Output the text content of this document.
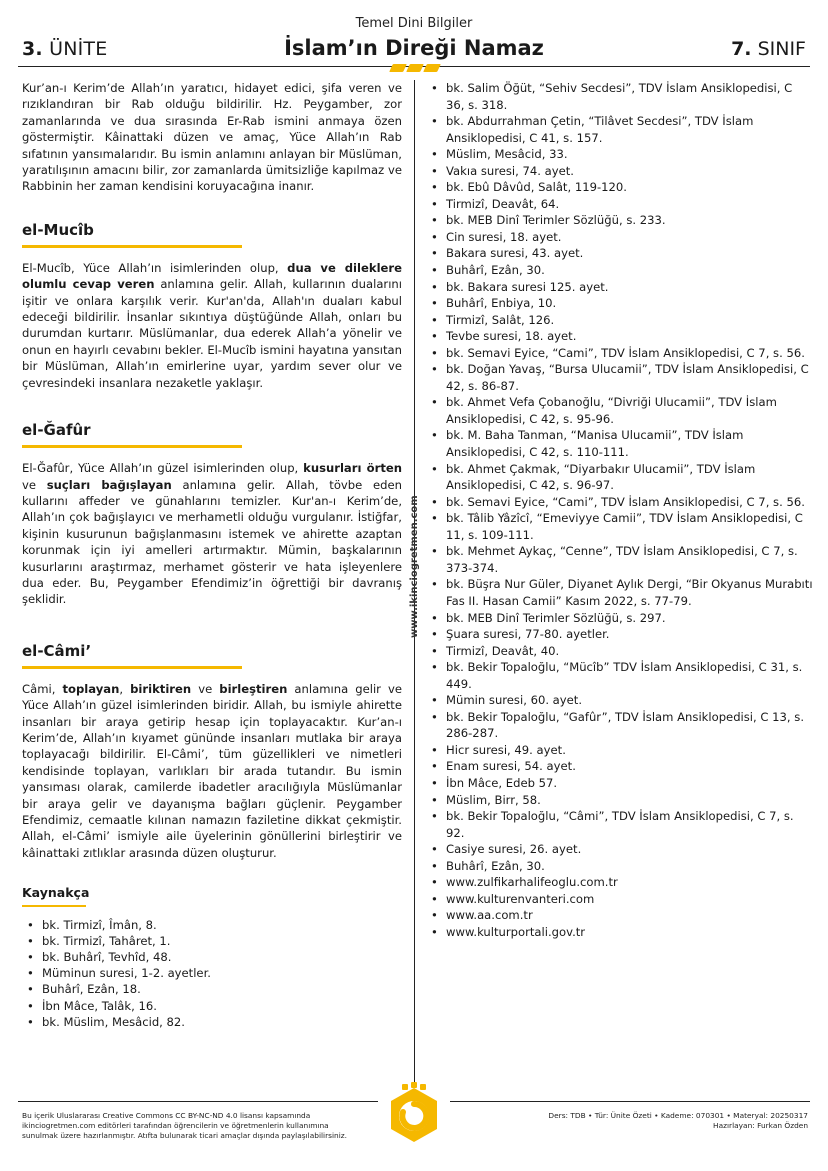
Temel Dini Bilgiler
3. ÜNİTE	İslam’ın Direği Namaz	7. SINIF

Kur’an-ı Kerim’de Allah’ın yaratıcı, hidayet edici, şifa veren ve rızıklandıran bir Rab olduğu bildirilir. Hz. Peygamber, zor zamanlarında ve dua sırasında Er-Rab ismini anmaya özen göstermiştir. Kâinattaki düzen ve amaç, Yüce Allah’ın Rab sıfatının yansımalarıdır. Bu ismin anlamını anlayan bir Müslüman, yaratılışının amacını bilir, zor zamanlarda ümitsizliğe kapılmaz ve Rabbinin her zaman kendisini koruyacağına inanır.

el-Mucîb

El-Mucîb, Yüce Allah’ın isimlerinden olup, dua ve dileklere olumlu cevap veren anlamına gelir. Allah, kullarının dualarını işitir ve onlara karşılık verir. Kur'an'da, Allah'ın duaları kabul edeceği bildirilir. İnsanlar sıkıntıya düştüğünde Allah, onları bu durumdan kurtarır. Müslümanlar, dua ederek Allah’a yönelir ve onun en hayırlı cevabını bekler. El-Mucîb ismini hayatına yansıtan bir Müslüman, Allah’ın emirlerine uyar, yardım sever olur ve çevresindeki insanlara nezaketle yaklaşır.

el-Ğafûr

El-Ğafûr, Yüce Allah’ın güzel isimlerinden olup, kusurları örten ve suçları bağışlayan anlamına gelir. Allah, tövbe eden kullarını affeder ve günahlarını temizler. Kur'an-ı Kerim’de, Allah’ın çok bağışlayıcı ve merhametli olduğu vurgulanır. İstiğfar, kişinin kusurunun bağışlanmasını istemek ve ahirette azaptan korunmak için iyi amelleri artırmaktır. Mümin, başkalarının kusurlarını araştırmaz, merhamet gösterir ve hata işleyenlere dua eder. Bu, Peygamber Efendimiz’in öğrettiği bir davranış şeklidir.

el-Câmi’

Câmi, toplayan, biriktiren ve birleştiren anlamına gelir ve Yüce Allah’ın güzel isimlerinden biridir. Allah, bu ismiyle ahirette insanları bir araya getirip hesap için toplayacaktır. Kur’an-ı Kerim’de, Allah’ın kıyamet gününde insanları mutlaka bir araya toplayacağı bildirilir. El-Câmi’, tüm güzellikleri ve nimetleri kendisinde toplayan, varlıkları bir arada tutandır. Bu ismin yansıması olarak, camilerde ibadetler aracılığıyla Müslümanlar bir araya gelir ve dayanışma bağları güçlenir. Peygamber Efendimiz, cemaatle kılınan namazın faziletine dikkat çekmiştir. Allah, el-Câmi’ ismiyle aile üyelerinin gönüllerini birleştirir ve kâinattaki zıtlıklar arasında düzen oluşturur.

Kaynakça
• bk. Tirmizî, Îmân, 8.
• bk. Tirmizî, Tahâret, 1.
• bk. Buhârî, Tevhîd, 48.
• Müminun suresi, 1-2. ayetler.
• Buhârî, Ezân, 18.
• İbn Mâce, Talâk, 16.
• bk. Müslim, Mesâcid, 82.
www.ikinciogretmen.com
• bk. Salim Öğüt, “Sehiv Secdesi”, TDV İslam Ansiklopedisi, C 36, s. 318.
• bk. Abdurrahman Çetin, “Tilâvet Secdesi”, TDV İslam Ansiklopedisi, C 41, s. 157.
• Müslim, Mesâcid, 33.
• Vakıa suresi, 74. ayet.
• bk. Ebû Dâvûd, Salât, 119-120.
• Tirmizî, Deavât, 64.
• bk. MEB Dinî Terimler Sözlüğü, s. 233.
• Cin suresi, 18. ayet.
• Bakara suresi, 43. ayet.
• Buhârî, Ezân, 30.
• bk. Bakara suresi 125. ayet.
• Buhârî, Enbiya, 10.
• Tirmizî, Salât, 126.
• Tevbe suresi, 18. ayet.
• bk. Semavi Eyice, “Cami”, TDV İslam Ansiklopedisi, C 7, s. 56.
• bk. Doğan Yavaş, “Bursa Ulucamii”, TDV İslam Ansiklopedisi, C 42, s. 86-87.
• bk. Ahmet Vefa Çobanoğlu, “Divriği Ulucamii”, TDV İslam Ansiklopedisi, C 42, s. 95-96.
• bk. M. Baha Tanman, “Manisa Ulucamii”, TDV İslam Ansiklopedisi, C 42, s. 110-111.
• bk. Ahmet Çakmak, “Diyarbakır Ulucamii”, TDV İslam Ansiklopedisi, C 42, s. 96-97.
• bk. Semavi Eyice, “Cami”, TDV İslam Ansiklopedisi, C 7, s. 56.
• bk. Tâlib Yâzîcî, “Emeviyye Camii”, TDV İslam Ansiklopedisi, C 11, s. 109-111.
• bk. Mehmet Aykaç, “Cenne”, TDV İslam Ansiklopedisi, C 7, s. 373-374.
• bk. Büşra Nur Güler, Diyanet Aylık Dergi, “Bir Okyanus Murabıtı Fas II. Hasan Camii” Kasım 2022, s. 77-79.
• bk. MEB Dinî Terimler Sözlüğü, s. 297.
• Şuara suresi, 77-80. ayetler.
• Tirmizî, Deavât, 40.
• bk. Bekir Topaloğlu, “Mücîb” TDV İslam Ansiklopedisi, C 31, s. 449.
• Mümin suresi, 60. ayet.
• bk. Bekir Topaloğlu, “Gafûr”, TDV İslam Ansiklopedisi, C 13, s. 286-287.
• Hicr suresi, 49. ayet.
• Enam suresi, 54. ayet.
• İbn Mâce, Edeb 57.
• Müslim, Birr, 58.
• bk. Bekir Topaloğlu, “Câmi”, TDV İslam Ansiklopedisi, C 7, s. 92.
• Casiye suresi, 26. ayet.
• Buhârî, Ezân, 30.
• www.zulfikarhalifeoglu.com.tr
• www.kulturenvanteri.com
• www.aa.com.tr
• www.kulturportali.gov.tr
Bu içerik Uluslararası Creative Commons CC BY-NC-ND 4.0 lisansı kapsamında
ikinciogretmen.com editörleri tarafından öğrencilerin ve öğretmenlerin kullanımına
sunulmak üzere hazırlanmıştır. Atıfta bulunarak ticari amaçlar dışında paylaşılabilirsiniz.
Ders: TDB • Tür: Ünite Özeti • Kademe: 070301 • Materyal: 20250317
Hazırlayan: Furkan Özden
